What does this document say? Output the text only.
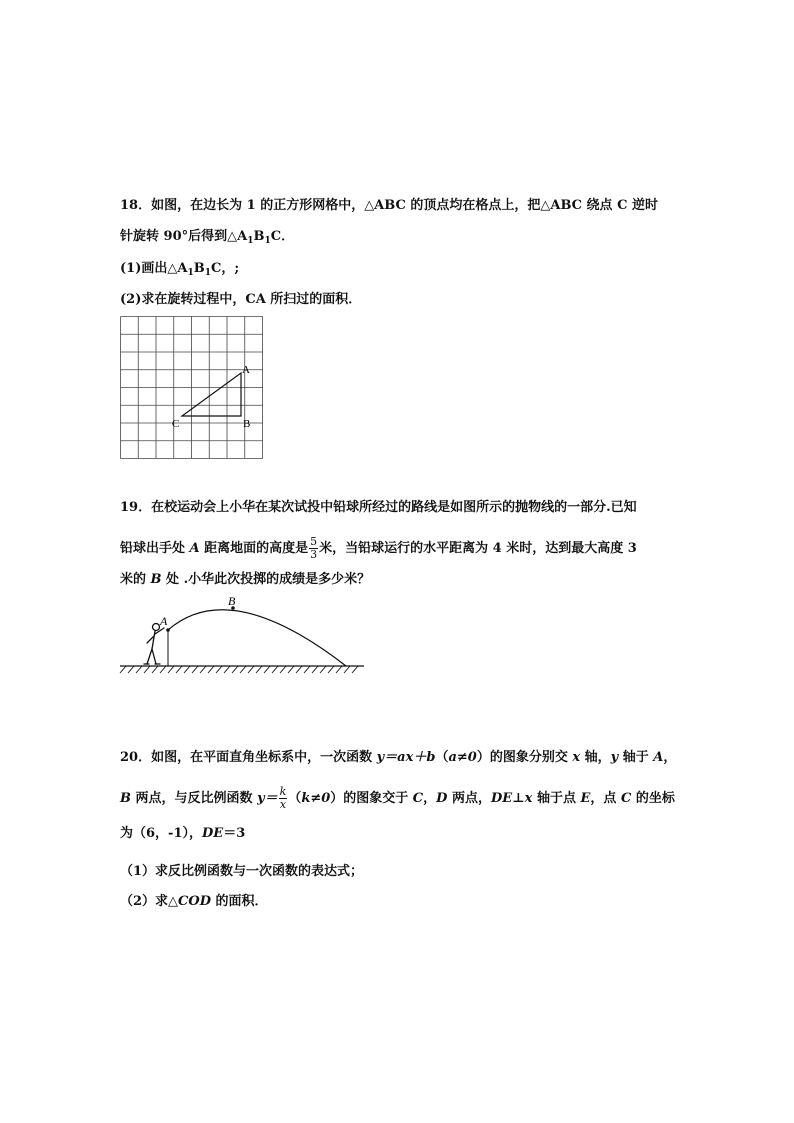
18．如图，在边长为 1 的正方形网格中，△ABC 的顶点均在格点上，把△ABC 绕点 C 逆时
针旋转 90°后得到$\triangle A_1B_1C$．
(1)画出$\triangle A_1B_1C$，;
(2)求在旋转过程中，CA 所扫过的面积．
A
B
C
19．在校运动会上小华在某次试投中铅球所经过的路线是如图所示的抛物线的一部分.已知
铅球出手处 A 距离地面的高度是 $\frac{5}{3}$ 米，当铅球运行的水平距离为 4 米时，达到最大高度 3
米的 B 处 .小华此次投掷的成绩是多少米？
A
B
20．如图，在平面直角坐标系中，一次函数 y＝ax＋b（a≠0）的图象分别交 x 轴，y 轴于 A，
B 两点，与反比例函数 $y= \frac{k}{x} (k\ne 0)$的图象交于 C，D 两点，DE⊥x 轴于点 E，点 C 的坐标
为（6，-1），DE＝3
（1）求反比例函数与一次函数的表达式；
（2）求△COD 的面积．
